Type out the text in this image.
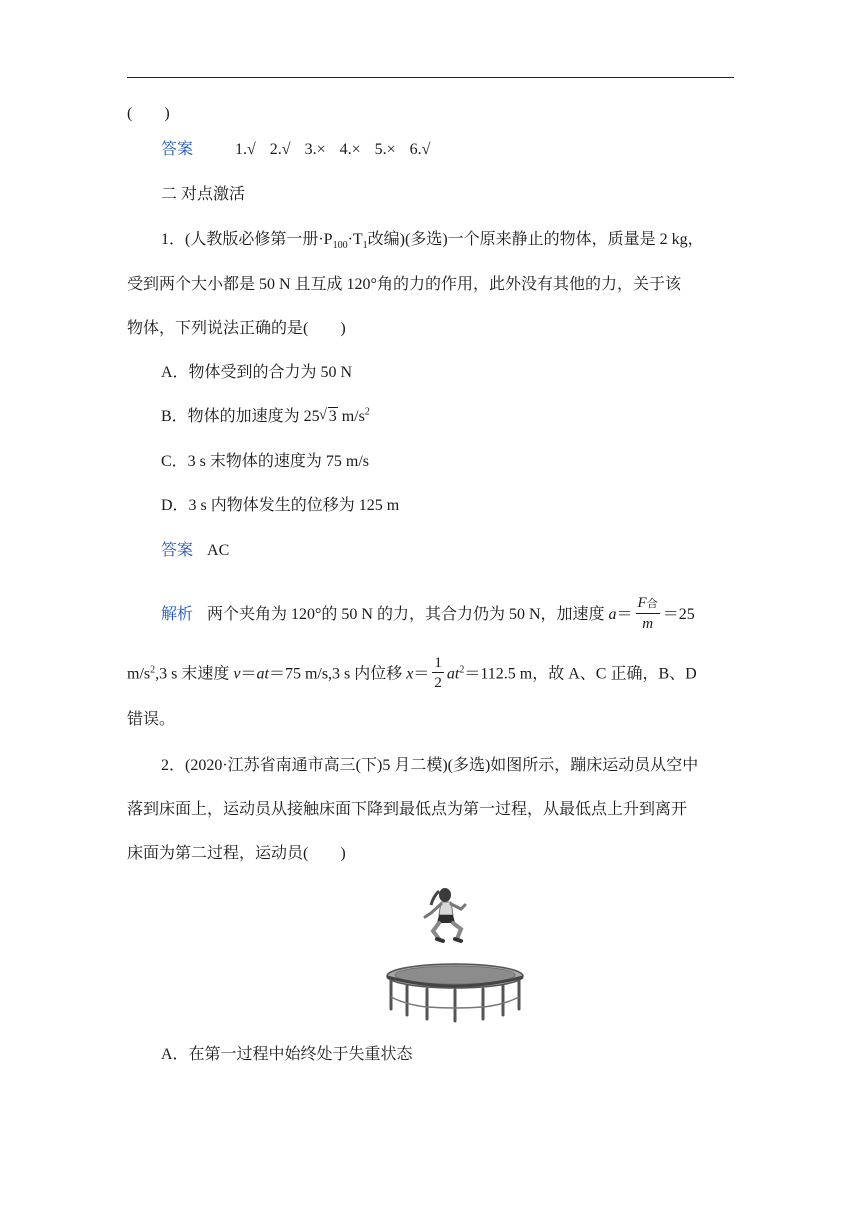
(　　)
答案	1.√ 2.√ 3.× 4.× 5.× 6.√
二 对点激活
1．(人教版必修第一册$\cdot P_{100}\cdot T_1$改编)(多选)一个原来静止的物体，质量是 2 kg，
受到两个大小都是 50 N 且互成 120°角的力的作用，此外没有其他的力，关于该
物体，下列说法正确的是(　　)
A．物体受到的合力为 50 N
B．物体的加速度为 25√ 3 $m/s^2$
C．3 s 末物体的速度为 75 m/s
D．3 s 内物体发生的位移为 125 m
答案 AC
解析 两个夹角为 120°的 50 N 的力，其合力仍为 50 N，加速度 $a= \frac{\text{F合}}{m} =25$
$m/s^2,3$ s 末速度 v＝at＝75 m/s,3 s 内位移 $x= \frac{1}{2} at^2=112.5$ m，故 A、C 正确，B、D
错误。
2．(2020·江苏省南通市高三(下)5 月二模)(多选)如图所示，蹦床运动员从空中
落到床面上，运动员从接触床面下降到最低点为第一过程，从最低点上升到离开
床面为第二过程，运动员(　　)
A．在第一过程中始终处于失重状态
